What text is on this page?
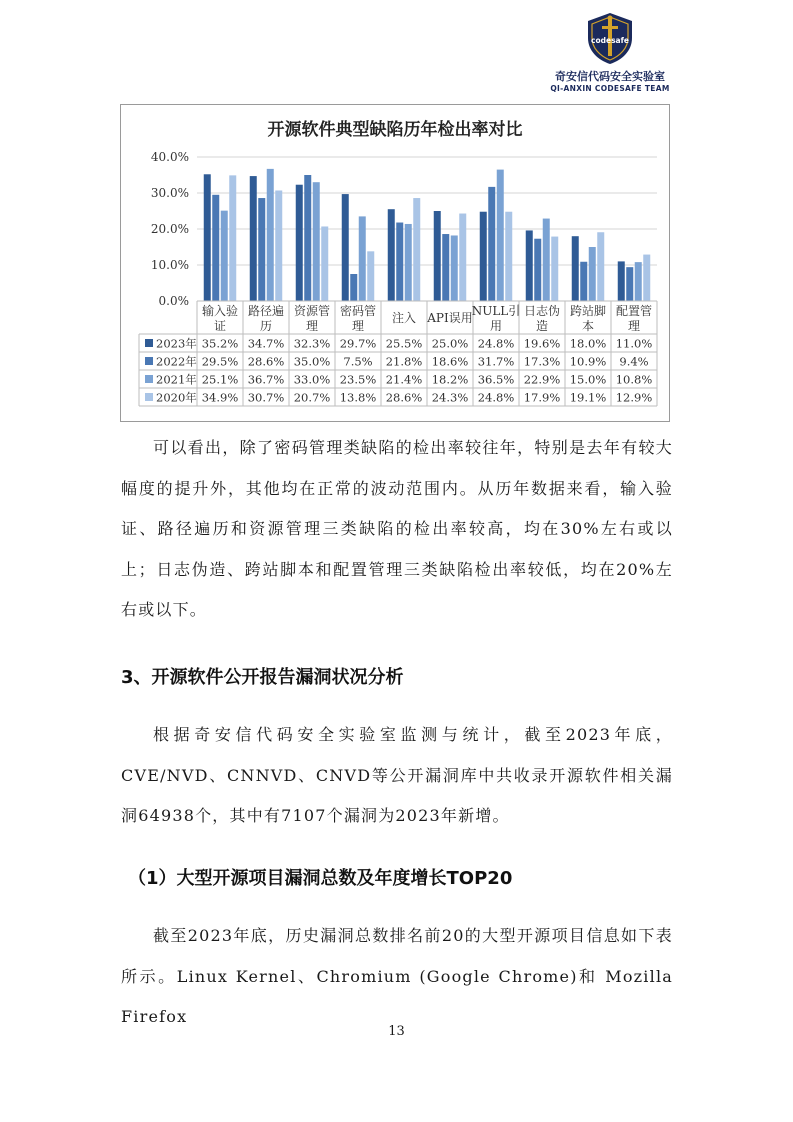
codesafe
奇安信代码安全实验室
QI-ANXIN CODESAFE TEAM
开源软件典型缺陷历年检出率对比
0.0%
10.0%
20.0%
30.0%
40.0%
输入验
证
路径遍
历
资源管
理
密码管
理
注入 API误用
NULL引
用
日志伪
造
跨站脚
本
配置管
理
2023年 35.2% 34.7% 32.3% 29.7% 25.5% 25.0% 24.8% 19.6% 18.0% 11.0%
2022年 29.5% 28.6% 35.0% 7.5% 21.8% 18.6% 31.7% 17.3% 10.9% 9.4%
2021年 25.1% 36.7% 33.0% 23.5% 21.4% 18.2% 36.5% 22.9% 15.0% 10.8%
2020年 34.9% 30.7% 20.7% 13.8% 28.6% 24.3% 24.8% 17.9% 19.1% 12.9%

可以看出，除了密码管理类缺陷的检出率较往年，特别是去年有较大幅度的提升外，其他均在正常的波动范围内。从历年数据来看，输入验证、路径遍历和资源管理三类缺陷的检出率较高，均在30%左右或以上；日志伪造、跨站脚本和配置管理三类缺陷检出率较低，均在20%左右或以下。

3、开源软件公开报告漏洞状况分析

根据奇安信代码安全实验室监测与统计，截至2023年底，CVE/NVD、CNNVD、CNVD等公开漏洞库中共收录开源软件相关漏洞64938个，其中有7107个漏洞为2023年新增。

（1）大型开源项目漏洞总数及年度增长TOP20

截至2023年底，历史漏洞总数排名前20的大型开源项目信息如下表所示。Linux Kernel、Chromium (Google Chrome)和 Mozilla Firefox

13
